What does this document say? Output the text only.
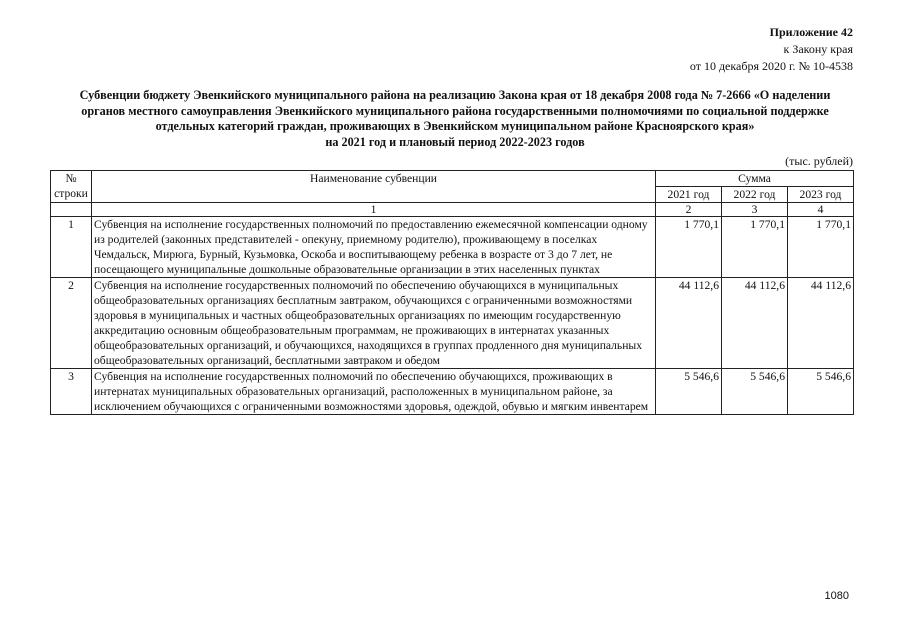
Приложение 42
к Закону края
от 10 декабря 2020 г. № 10-4538
Субвенции бюджету Эвенкийского муниципального района на реализацию Закона края от 18 декабря 2008 года № 7-2666 «О наделении
органов местного самоуправления Эвенкийского муниципального района государственными полномочиями по социальной поддержке
отдельных категорий граждан, проживающих в Эвенкийском муниципальном районе Красноярского края»
на 2021 год и плановый период 2022-2023 годов
(тыс. рублей)
№ строки	Наименование субвенции	Сумма		
		2021 год	2022 год	2023 год
	1	2	3	4
1	Субвенция на исполнение государственных полномочий по предоставлению ежемесячной компенсации одному из родителей (законных представителей - опекуну, приемному родителю), проживающему в поселках Чемдальск, Мирюга, Бурный, Кузьмовка, Оскоба и воспитывающему ребенка в возрасте от 3 до 7 лет, не посещающего муниципальные дошкольные образовательные организации в этих населенных пунктах	1 770,1	1 770,1	1 770,1
2	Субвенция на исполнение государственных полномочий по обеспечению обучающихся в муниципальных общеобразовательных организациях бесплатным завтраком, обучающихся с ограниченными возможностями здоровья в муниципальных и частных общеобразовательных организациях по имеющим государственную аккредитацию основным общеобразовательным программам, не проживающих в интернатах указанных общеобразовательных организаций, и обучающихся, находящихся в группах продленного дня муниципальных общеобразовательных организаций, бесплатными завтраком и обедом	44 112,6	44 112,6	44 112,6
3	Субвенция на исполнение государственных полномочий по обеспечению обучающихся, проживающих в интернатах муниципальных образовательных организаций, расположенных в муниципальном районе, за исключением обучающихся с ограниченными возможностями здоровья, одеждой, обувью и мягким инвентарем	5 546,6	5 546,6	5 546,6
1080
